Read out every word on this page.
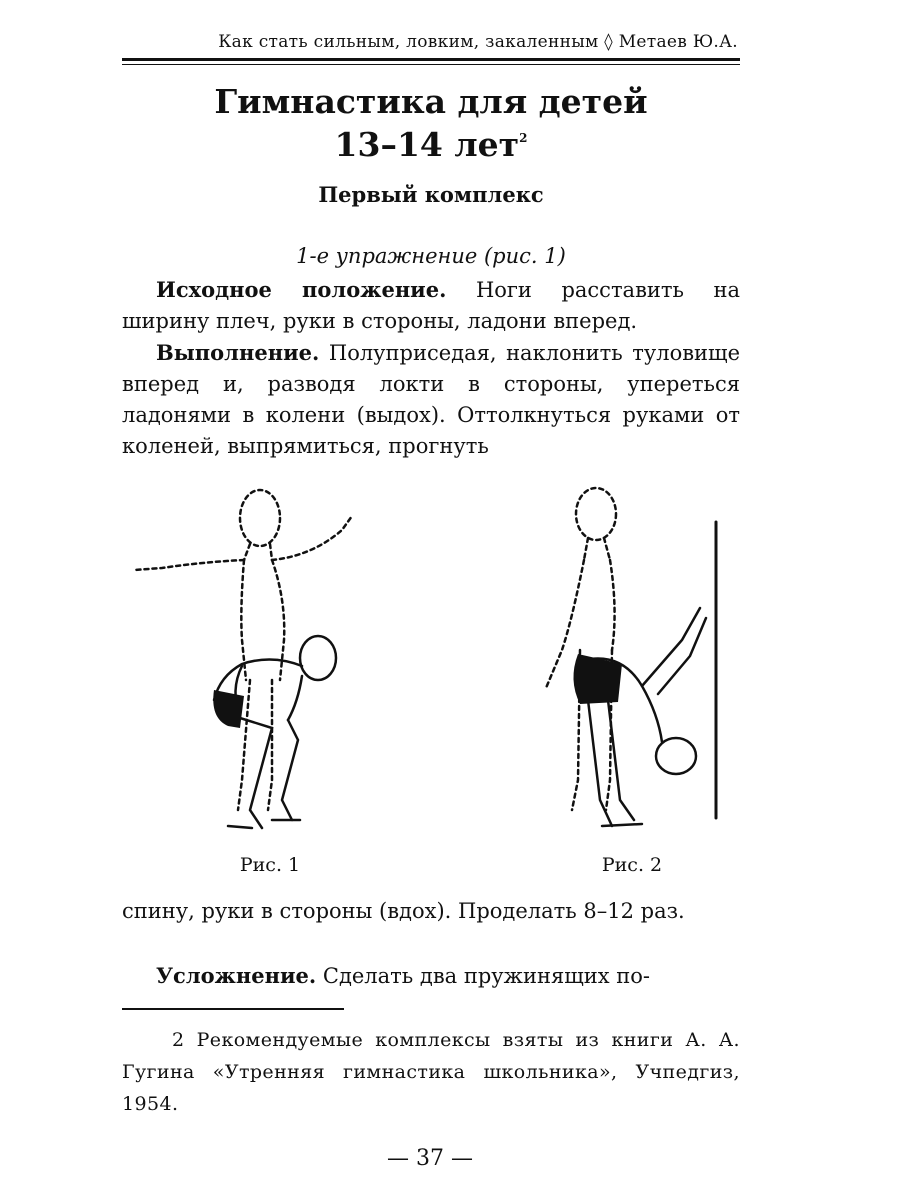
Как стать сильным, ловким, закаленным ◊ Метаев Ю.А.
Гимнастика для детей
13–14 лет$^2$
Первый комплекс
1-е упражнение (рис. 1)
Исходное положение. Ноги расставить на ширину плеч, руки в стороны, ладони вперед.
Выполнение. Полуприседая, наклонить туловище вперед и, разводя локти в стороны, упереться ладонями в колени (выдох). Оттолкнуться руками от коленей, выпрямиться, прогнуть
Рис. 1	Рис. 2
спину, руки в стороны (вдох). Проделать 8–12 раз.
Усложнение. Сделать два пружинящих по-
2 Рекомендуемые комплексы взяты из книги А. А. Гугина «Утренняя гимнастика школьника», Учпедгиз, 1954.
— 37 —
